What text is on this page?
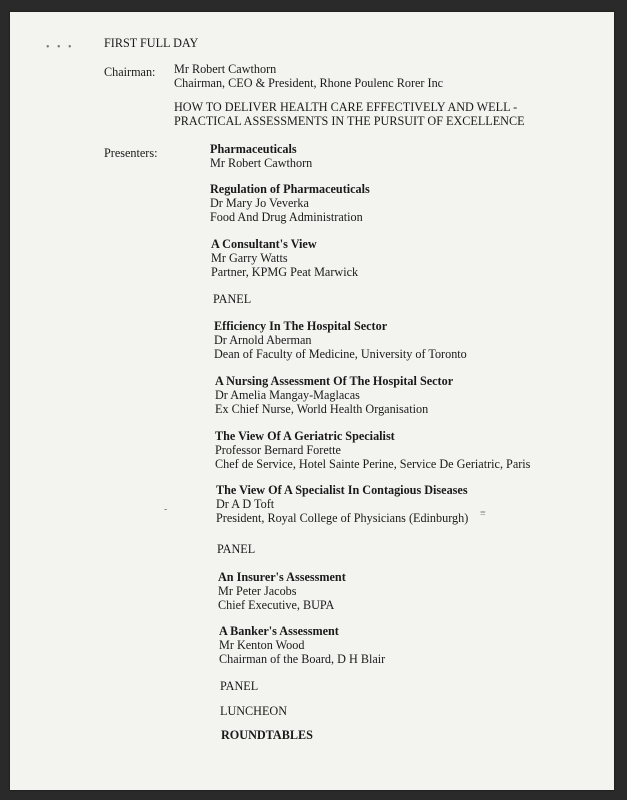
•   •   •	FIRST FULL DAY
Chairman: Mr Robert Cawthorn
Chairman, CEO & President, Rhone Poulenc Rorer Inc
HOW TO DELIVER HEALTH CARE EFFECTIVELY AND WELL -
PRACTICAL ASSESSMENTS IN THE PURSUIT OF EXCELLENCE
Presenters:	Pharmaceuticals
Mr Robert Cawthorn
Regulation of Pharmaceuticals
Dr Mary Jo Veverka
Food And Drug Administration
A Consultant's View
Mr Garry Watts
Partner, KPMG Peat Marwick
PANEL
Efficiency In The Hospital Sector
Dr Arnold Aberman
Dean of Faculty of Medicine, University of Toronto
A Nursing Assessment Of The Hospital Sector
Dr Amelia Mangay-Maglacas
Ex Chief Nurse, World Health Organisation
The View Of A Geriatric Specialist
Professor Bernard Forette
Chef de Service, Hotel Sainte Perine, Service De Geriatric, Paris
The View Of A Specialist In Contagious Diseases
Dr A D Toft
President, Royal College of Physicians (Edinburgh)
PANEL
An Insurer's Assessment
Mr Peter Jacobs
Chief Executive, BUPA
A Banker's Assessment
Mr Kenton Wood
Chairman of the Board, D H Blair
PANEL
LUNCHEON
ROUNDTABLES
-	≡
